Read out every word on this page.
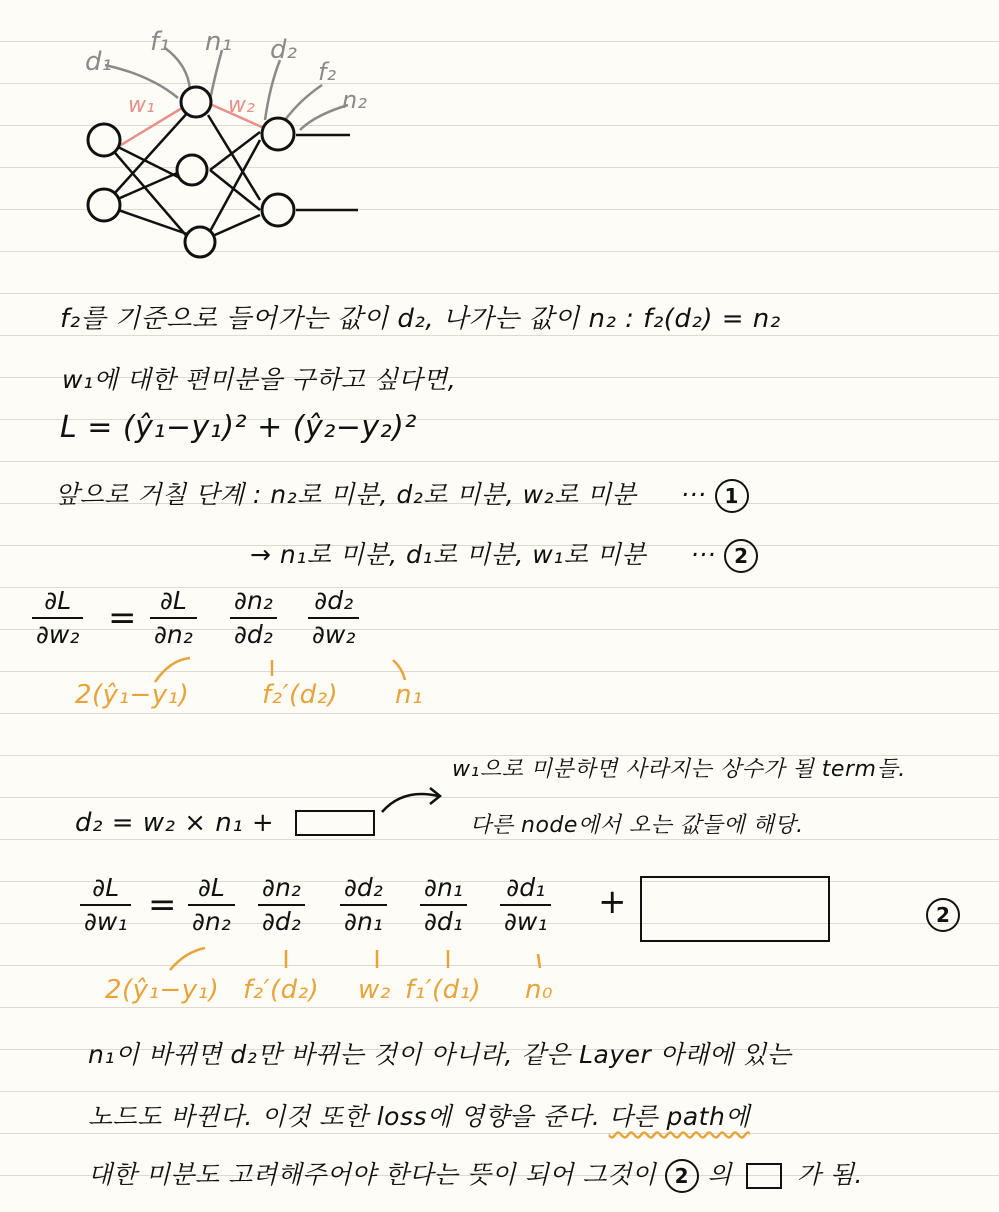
d₁
f₁ n₁ d₂
f₂
n₂
w₁	w₂
f₂를 기준으로 들어가는 값이 d₂, 나가는 값이 n₂ : f₂(d₂) = n₂
w₁에 대한 편미분을 구하고 싶다면,
L = (ŷ₁−y₁)² + (ŷ₂−y₂)²
앞으로 거칠 단계 : n₂로 미분, d₂로 미분, w₂로 미분 ··· 1
→ n₁로 미분, d₁로 미분, w₁로 미분 ··· 2
$\frac{\partial L}{\text{∂w₂}} = \frac{\partial L}{\text{∂n₂}} \frac{\text{∂n₂}}{\text{∂d₂}} \frac{\text{∂d₂}}{\text{∂w₂}}$
2(ŷ₁−y₁)	f₂′(d₂) n₁
w₁으로 미분하면 사라지는 상수가 될 term들.
다른 node에서 오는 값들에 해당.
d₂ = w₂ × n₁ +
$\frac{\partial L}{\text{∂w₁}} = \frac{\partial L}{\text{∂n₂}} \frac{\text{∂n₂}}{\text{∂d₂}} \frac{\text{∂d₂}}{\text{∂n₁}} \frac{\text{∂n₁}}{\text{∂d₁}} \frac{\text{∂d₁}}{\text{∂w₁}}$ +	2
2(ŷ₁−y₁) f₂′(d₂) w₂ f₁′(d₁) n₀
n₁이 바뀌면 d₂만 바뀌는 것이 아니라, 같은 Layer 아래에 있는
노드도 바뀐다. 이것 또한 loss에 영향을 준다. 다른 path에
대한 미분도 고려해주어야 한다는 뜻이 되어 그것이 2 의	가 됨.
